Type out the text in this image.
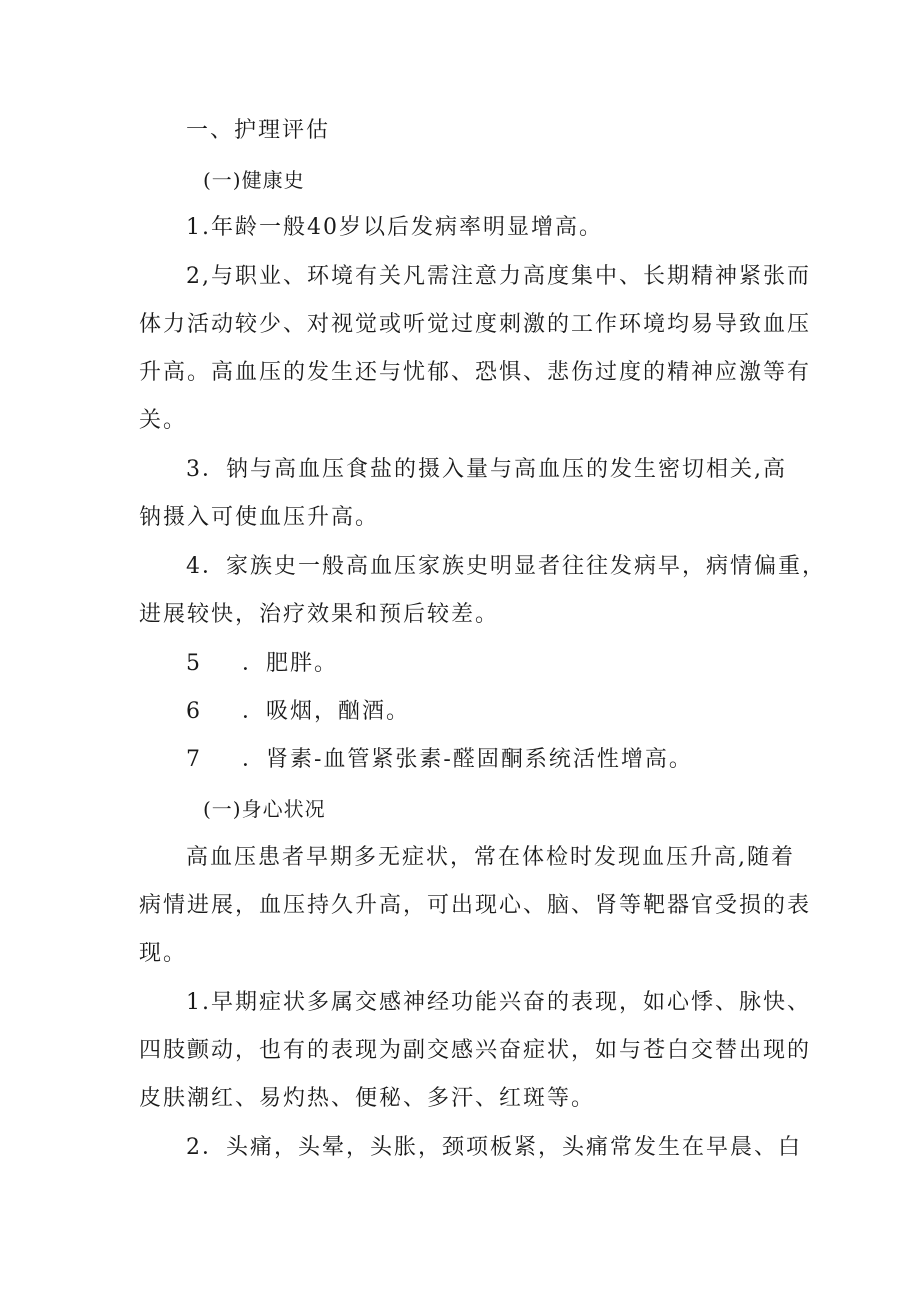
一、护理评估
(一)健康史
1.年龄一般40岁以后发病率明显增高。
2,与职业、环境有关凡需注意力高度集中、长期精神紧张而
体力活动较少、对视觉或听觉过度刺激的工作环境均易导致血压
升高。高血压的发生还与忧郁、恐惧、悲伤过度的精神应激等有
关。
3．钠与高血压食盐的摄入量与高血压的发生密切相关,高
钠摄入可使血压升高。
4．家族史一般高血压家族史明显者往往发病早，病情偏重，
进展较快，治疗效果和预后较差。
5 ．肥胖。
6 ．吸烟，酗酒。
7 ．肾素-血管紧张素-醛固酮系统活性增高。
(一)身心状况
高血压患者早期多无症状，常在体检时发现血压升高,随着
病情进展，血压持久升高，可出现心、脑、肾等靶器官受损的表
现。
1.早期症状多属交感神经功能兴奋的表现，如心悸、脉快、
四肢颤动，也有的表现为副交感兴奋症状，如与苍白交替出现的
皮肤潮红、易灼热、便秘、多汗、红斑等。
2．头痛，头晕，头胀，颈项板紧，头痛常发生在早晨、白
